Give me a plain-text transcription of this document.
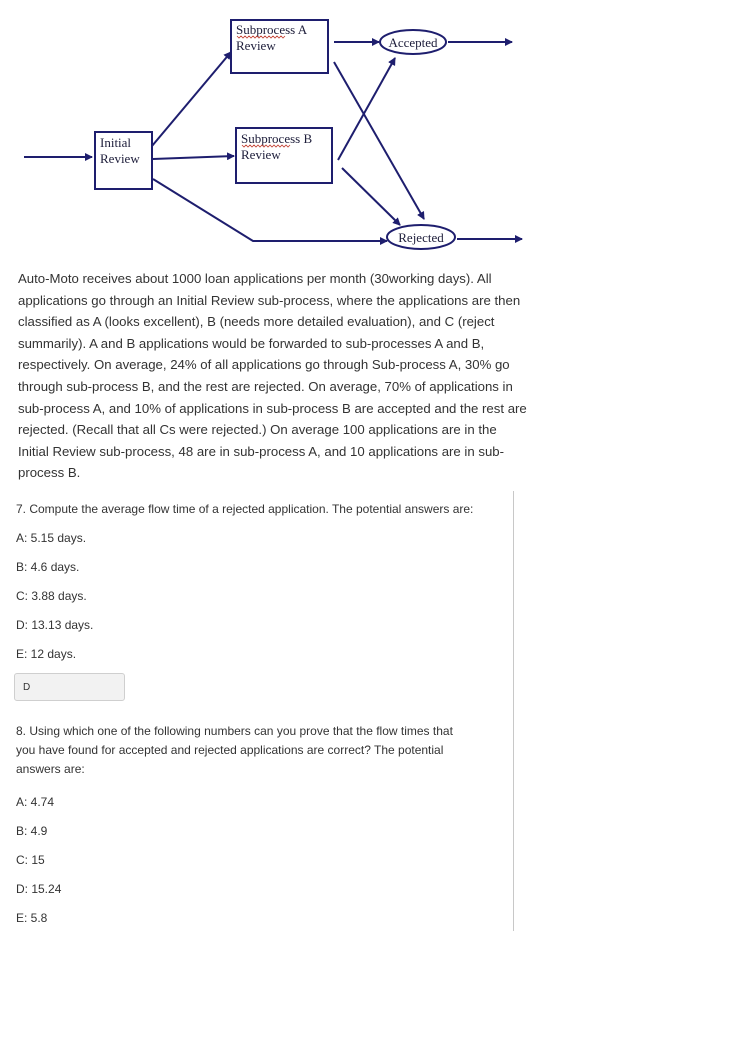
Initial
Review
Subprocess A
Review
Subprocess B
Review
Accepted
Rejected
Auto-Moto receives about 1000 loan applications per month (30working days). All
applications go through an Initial Review sub-process, where the applications are then
classified as A (looks excellent), B (needs more detailed evaluation), and C (reject
summarily). A and B applications would be forwarded to sub-processes A and B,
respectively. On average, 24% of all applications go through Sub-process A, 30% go
through sub-process B, and the rest are rejected. On average, 70% of applications in
sub-process A, and 10% of applications in sub-process B are accepted and the rest are
rejected. (Recall that all Cs were rejected.) On average 100 applications are in the
Initial Review sub-process, 48 are in sub-process A, and 10 applications are in sub-
process B.
7. Compute the average flow time of a rejected application. The potential answers are:
A: 5.15 days.
B: 4.6 days.
C: 3.88 days.
D: 13.13 days.
E: 12 days.
D
8. Using which one of the following numbers can you prove that the flow times that
you have found for accepted and rejected applications are correct? The potential
answers are:
A: 4.74
B: 4.9
C: 15
D: 15.24
E: 5.8
